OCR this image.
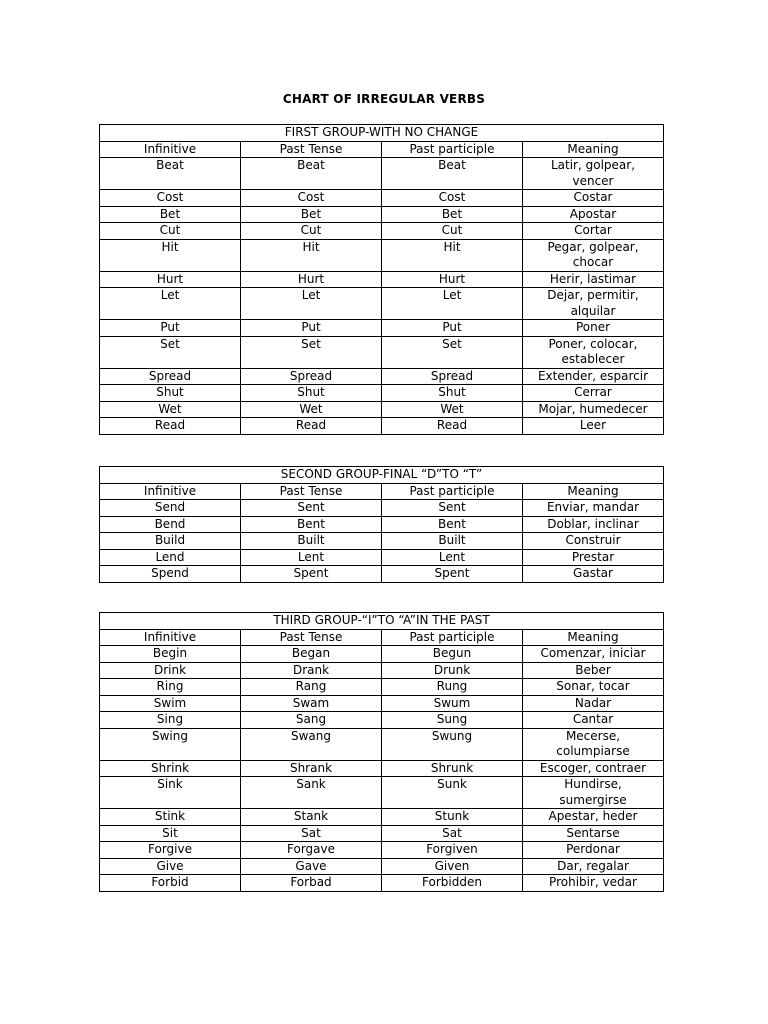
CHART OF IRREGULAR VERBS
FIRST GROUP-WITH NO CHANGE			
Infinitive	Past Tense	Past participle	Meaning
Beat	Beat	Beat	Latir, golpear, vencer
Cost	Cost	Cost	Costar
Bet	Bet	Bet	Apostar
Cut	Cut	Cut	Cortar
Hit	Hit	Hit	Pegar, golpear, chocar
Hurt	Hurt	Hurt	Herir, lastimar
Let	Let	Let	Dejar, permitir, alquilar
Put	Put	Put	Poner
Set	Set	Set	Poner, colocar, establecer
Spread	Spread	Spread	Extender, esparcir
Shut	Shut	Shut	Cerrar
Wet	Wet	Wet	Mojar, humedecer
Read	Read	Read	Leer
SECOND GROUP-FINAL “D”TO “T”			
Infinitive	Past Tense	Past participle	Meaning
Send	Sent	Sent	Enviar, mandar
Bend	Bent	Bent	Doblar, inclinar
Build	Built	Built	Construir
Lend	Lent	Lent	Prestar
Spend	Spent	Spent	Gastar
THIRD GROUP-“I”TO “A”IN THE PAST			
Infinitive	Past Tense	Past participle	Meaning
Begin	Began	Begun	Comenzar, iniciar
Drink	Drank	Drunk	Beber
Ring	Rang	Rung	Sonar, tocar
Swim	Swam	Swum	Nadar
Sing	Sang	Sung	Cantar
Swing	Swang	Swung	Mecerse, columpiarse
Shrink	Shrank	Shrunk	Escoger, contraer
Sink	Sank	Sunk	Hundirse, sumergirse
Stink	Stank	Stunk	Apestar, heder
Sit	Sat	Sat	Sentarse
Forgive	Forgave	Forgiven	Perdonar
Give	Gave	Given	Dar, regalar
Forbid	Forbad	Forbidden	Prohibir, vedar
